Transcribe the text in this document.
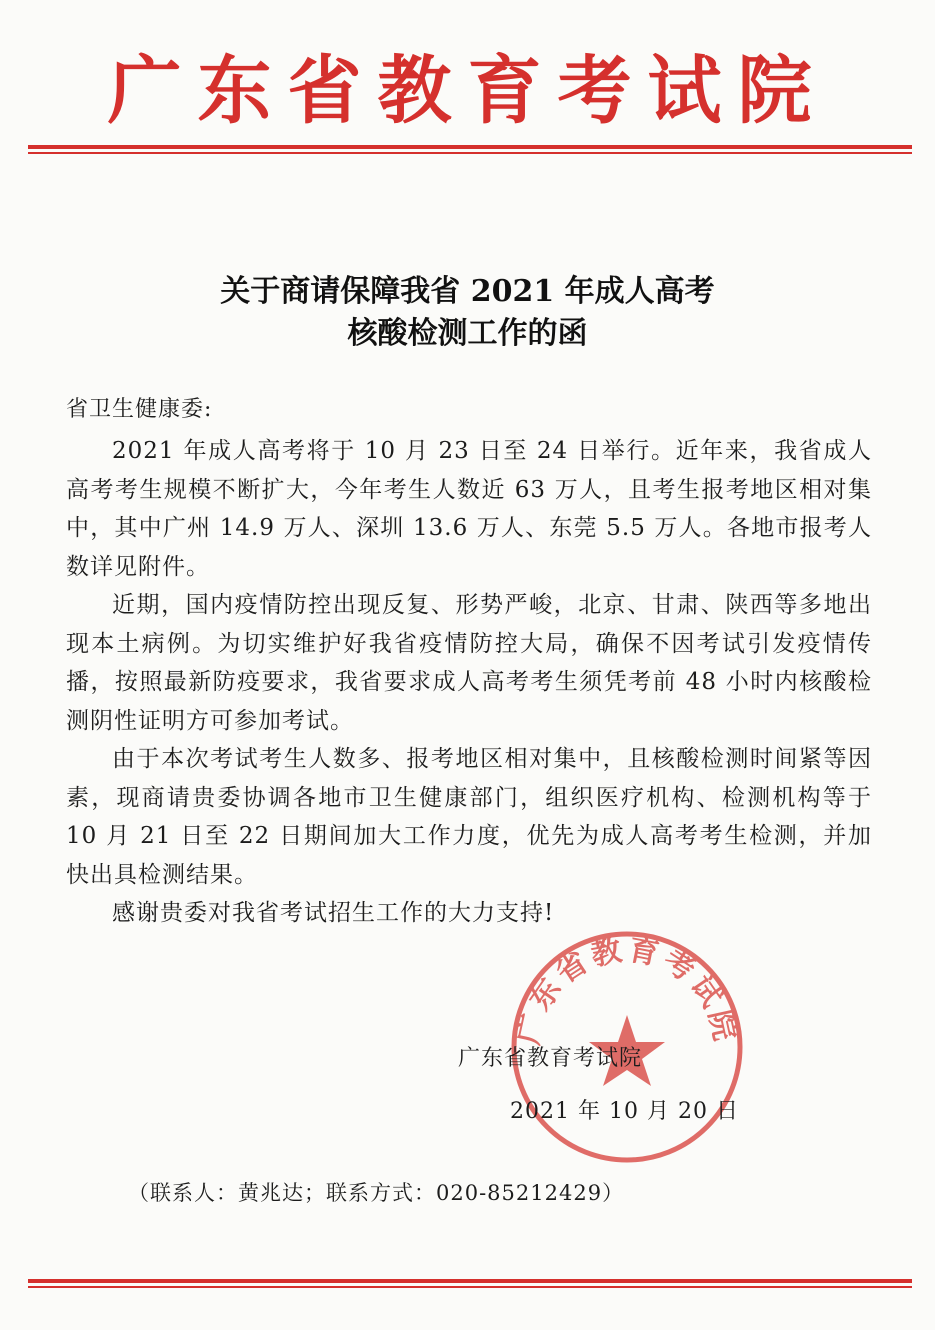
广东省教育考试院
关于商请保障我省 2021 年成人高考
核酸检测工作的函
省卫生健康委:

2021 年成人高考将于 10 月 23 日至 24 日举行。近年来，我省成人高考考生规模不断扩大，今年考生人数近 63 万人，且考生报考地区相对集中，其中广州 14.9 万人、深圳 13.6 万人、东莞 5.5 万人。各地市报考人数详见附件。

近期，国内疫情防控出现反复、形势严峻，北京、甘肃、陕西等多地出现本土病例。为切实维护好我省疫情防控大局，确保不因考试引发疫情传播，按照最新防疫要求，我省要求成人高考考生须凭考前 48 小时内核酸检测阴性证明方可参加考试。

由于本次考试考生人数多、报考地区相对集中，且核酸检测时间紧等因素，现商请贵委协调各地市卫生健康部门，组织医疗机构、检测机构等于 10 月 21 日至 22 日期间加大工作力度，优先为成人高考考生检测，并加快出具检测结果。

感谢贵委对我省考试招生工作的大力支持!

广东省教育考试院
广东省教育考试院
2021 年 10 月 20 日
（联系人：黄兆达；联系方式：020-85212429）
